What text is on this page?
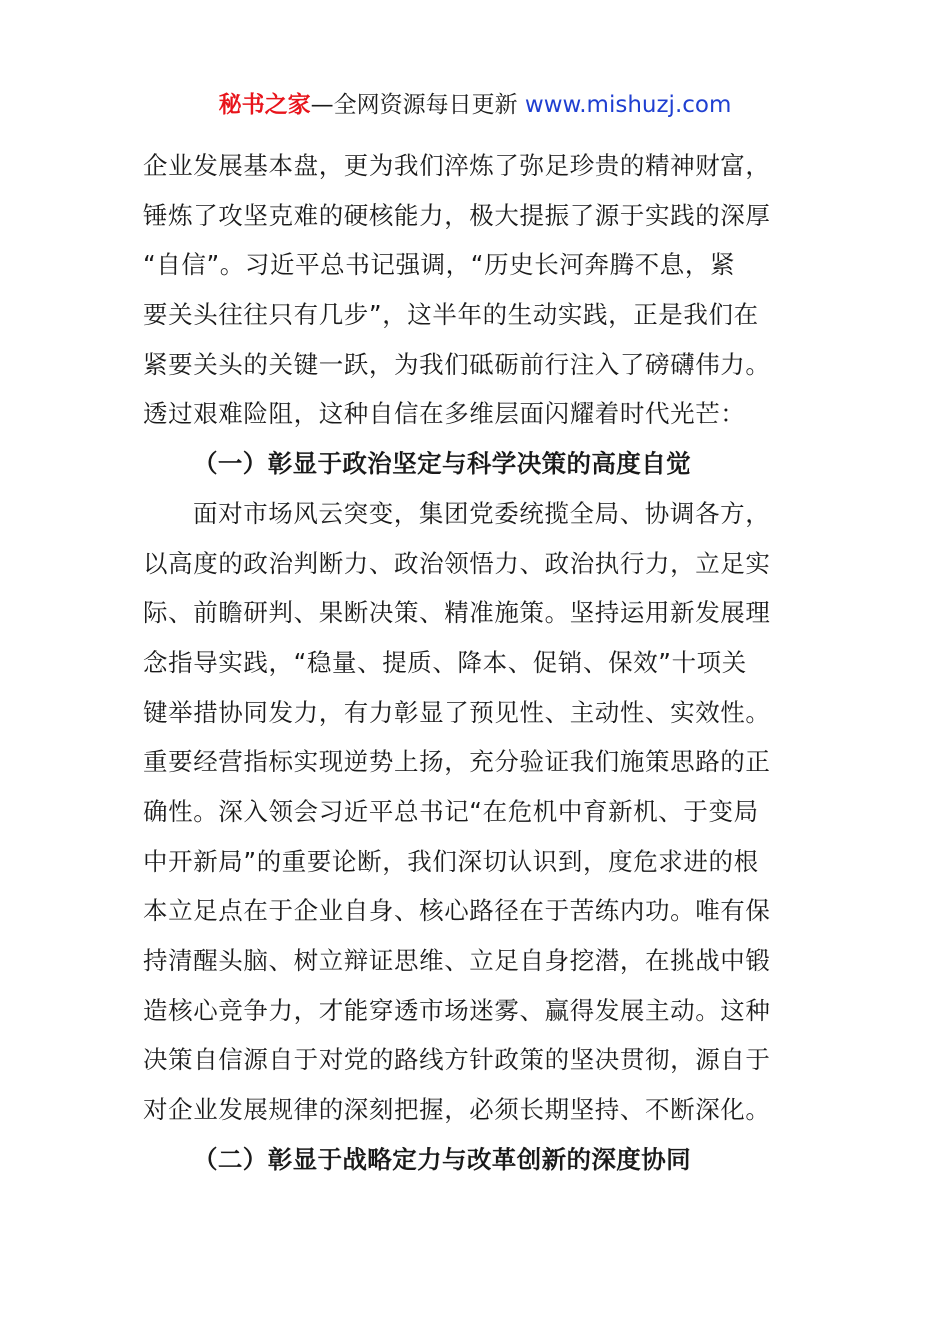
秘书之家—全网资源每日更新 www.mishuzj.com
企业发展基本盘，更为我们淬炼了弥足珍贵的精神财富，
锤炼了攻坚克难的硬核能力，极大提振了源于实践的深厚
“自信”。习近平总书记强调，“历史长河奔腾不息，紧
要关头往往只有几步”，这半年的生动实践，正是我们在
紧要关头的关键一跃，为我们砥砺前行注入了磅礴伟力。
透过艰难险阻，这种自信在多维层面闪耀着时代光芒：
（一）彰显于政治坚定与科学决策的高度自觉
面对市场风云突变，集团党委统揽全局、协调各方，
以高度的政治判断力、政治领悟力、政治执行力，立足实
际、前瞻研判、果断决策、精准施策。坚持运用新发展理
念指导实践，“稳量、提质、降本、促销、保效”十项关
键举措协同发力，有力彰显了预见性、主动性、实效性。
重要经营指标实现逆势上扬，充分验证我们施策思路的正
确性。深入领会习近平总书记“在危机中育新机、于变局
中开新局”的重要论断，我们深切认识到，度危求进的根
本立足点在于企业自身、核心路径在于苦练内功。唯有保
持清醒头脑、树立辩证思维、立足自身挖潜，在挑战中锻
造核心竞争力，才能穿透市场迷雾、赢得发展主动。这种
决策自信源自于对党的路线方针政策的坚决贯彻，源自于
对企业发展规律的深刻把握，必须长期坚持、不断深化。
（二）彰显于战略定力与改革创新的深度协同
